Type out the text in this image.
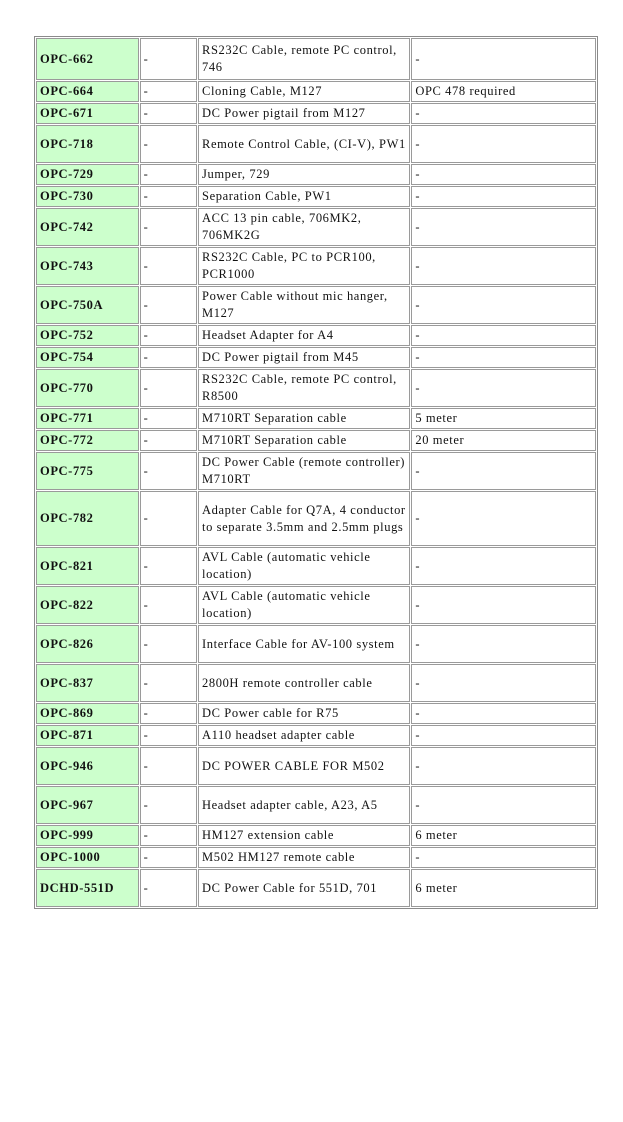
OPC-662	-	RS232C Cable, remote PC control, 746	-
OPC-664	-	Cloning Cable, M127	OPC 478 required
OPC-671	-	DC Power pigtail from M127	-
OPC-718	-	Remote Control Cable, (CI-V), PW1	-
OPC-729	-	Jumper, 729	-
OPC-730	-	Separation Cable, PW1	-
OPC-742	-	ACC 13 pin cable, 706MK2, 706MK2G	-
OPC-743	-	RS232C Cable, PC to PCR100, PCR1000	-
OPC-750A	-	Power Cable without mic hanger, M127	-
OPC-752	-	Headset Adapter for A4	-
OPC-754	-	DC Power pigtail from M45	-
OPC-770	-	RS232C Cable, remote PC control, R8500	-
OPC-771	-	M710RT Separation cable	5 meter
OPC-772	-	M710RT Separation cable	20 meter
OPC-775	-	DC Power Cable (remote controller) M710RT	-
OPC-782	-	Adapter Cable for Q7A, 4 conductor to separate 3.5mm and 2.5mm plugs	-
OPC-821	-	AVL Cable (automatic vehicle location)	-
OPC-822	-	AVL Cable (automatic vehicle location)	-
OPC-826	-	Interface Cable for AV-100 system	-
OPC-837	-	2800H remote controller cable	-
OPC-869	-	DC Power cable for R75	-
OPC-871	-	A110 headset adapter cable	-
OPC-946	-	DC POWER CABLE FOR M502	-
OPC-967	-	Headset adapter cable, A23, A5	-
OPC-999	-	HM127 extension cable	6 meter
OPC-1000	-	M502 HM127 remote cable	-
DCHD-551D	-	DC Power Cable for 551D, 701	6 meter
